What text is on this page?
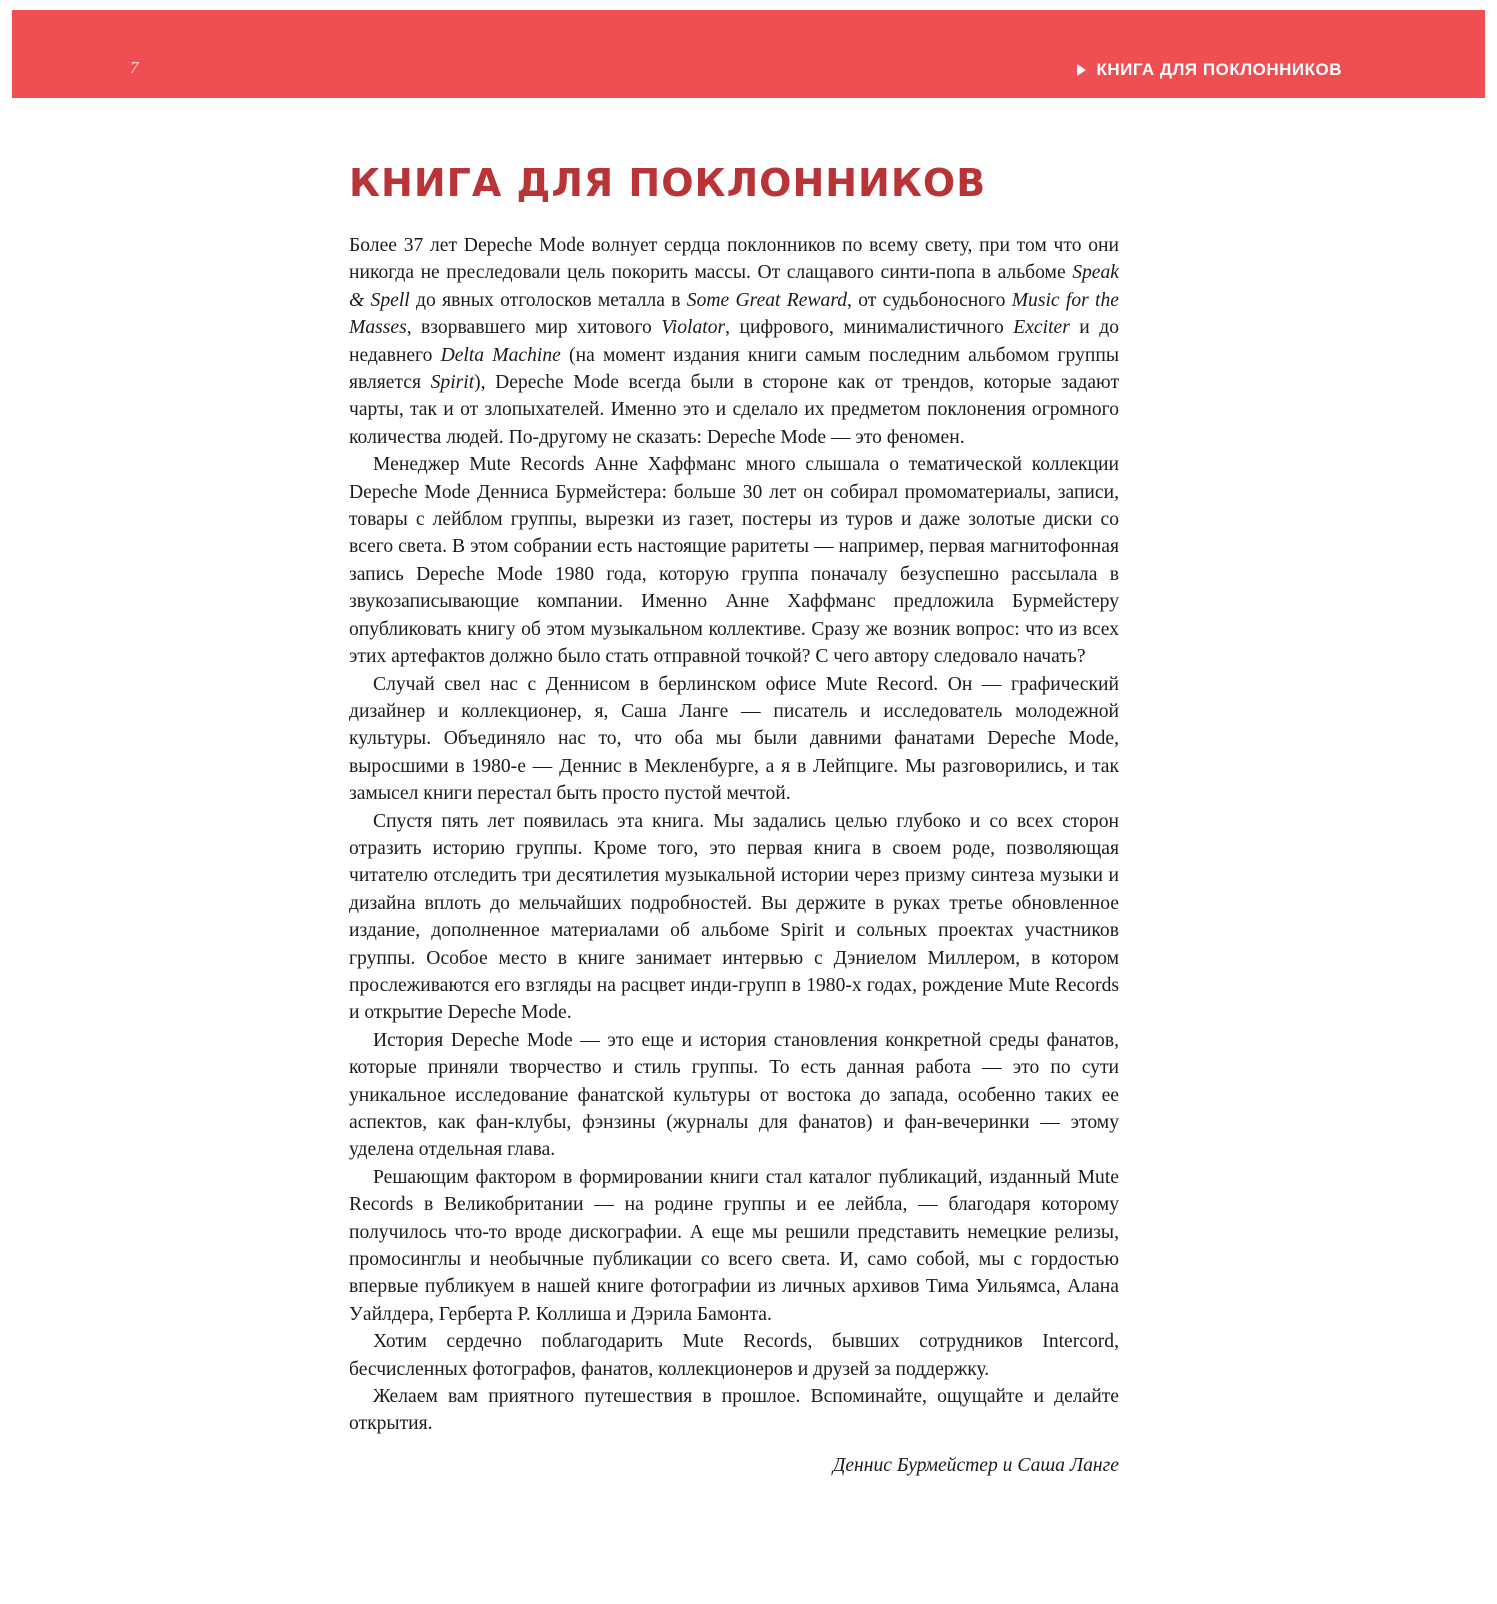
7	КНИГА ДЛЯ ПОКЛОННИКОВ
КНИГА ДЛЯ ПОКЛОННИКОВ

Более 37 лет Depeche Mode волнует сердца поклонников по всему свету, при том что они никогда не преследовали цель покорить массы. От слащавого синти-попа в альбоме Speak & Spell до явных отголосков металла в Some Great Reward, от судьбоносного Music for the Masses, взорвавшего мир хитового Violator, цифрового, минималистичного Exciter и до недавнего Delta Machine (на момент издания книги самым последним альбомом группы является Spirit), Depeche Mode всегда были в стороне как от трендов, которые задают чарты, так и от злопыхателей. Именно это и сделало их предметом поклонения огромного количества людей. По-другому не сказать: Depeche Mode — это феномен.

Менеджер Mute Records Анне Хаффманс много слышала о тематической коллекции Depeche Mode Денниса Бурмейстера: больше 30 лет он собирал промоматериалы, записи, товары с лейблом группы, вырезки из газет, постеры из туров и даже золотые диски со всего света. В этом собрании есть настоящие раритеты — например, первая магнитофонная запись Depeche Mode 1980 года, которую группа поначалу безуспешно рассылала в звукозаписывающие компании. Именно Анне Хаффманс предложила Бурмейстеру опубликовать книгу об этом музыкальном коллективе. Сразу же возник вопрос: что из всех этих артефактов должно было стать отправной точкой? С чего автору следовало начать?

Случай свел нас с Деннисом в берлинском офисе Mute Record. Он — графический дизайнер и коллекционер, я, Саша Ланге — писатель и исследователь молодежной культуры. Объединяло нас то, что оба мы были давними фанатами Depeche Mode, выросшими в 1980-е — Деннис в Мекленбурге, а я в Лейпциге. Мы разговорились, и так замысел книги перестал быть просто пустой мечтой.

Спустя пять лет появилась эта книга. Мы задались целью глубоко и со всех сторон отразить историю группы. Кроме того, это первая книга в своем роде, позволяющая читателю отследить три десятилетия музыкальной истории через призму синтеза музыки и дизайна вплоть до мельчайших подробностей. Вы держите в руках третье обновленное издание, дополненное материалами об альбоме Spirit и сольных проектах участников группы. Особое место в книге занимает интервью с Дэниелом Миллером, в котором прослеживаются его взгляды на расцвет инди-групп в 1980-х годах, рождение Mute Records и открытие Depeche Mode.

История Depeche Mode — это еще и история становления конкретной среды фанатов, которые приняли творчество и стиль группы. То есть данная работа — это по сути уникальное исследование фанатской культуры от востока до запада, особенно таких ее аспектов, как фан-клубы, фэнзины (журналы для фанатов) и фан-вечеринки — этому уделена отдельная глава.

Решающим фактором в формировании книги стал каталог публикаций, изданный Mute Records в Великобритании — на родине группы и ее лейбла, — благодаря которому получилось что-то вроде дискографии. А еще мы решили представить немецкие релизы, промосинглы и необычные публикации со всего света. И, само собой, мы с гордостью впервые публикуем в нашей книге фотографии из личных архивов Тима Уильямса, Алана Уайлдера, Герберта Р. Коллиша и Дэрила Бамонта.

Хотим сердечно поблагодарить Mute Records, бывших сотрудников Intercord, бесчисленных фотографов, фанатов, коллекционеров и друзей за поддержку.

Желаем вам приятного путешествия в прошлое. Вспоминайте, ощущайте и делайте открытия.

Деннис Бурмейстер и Саша Ланге
